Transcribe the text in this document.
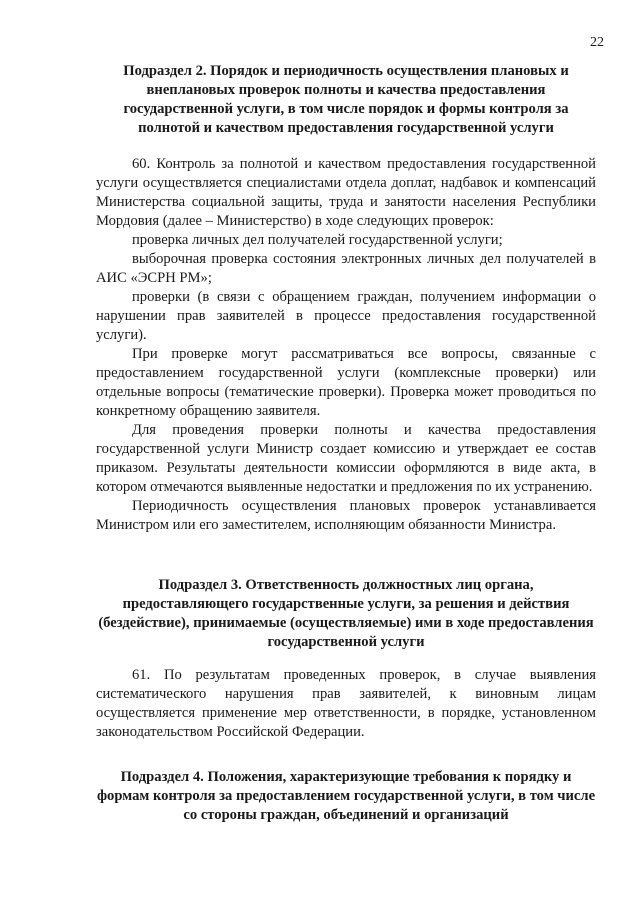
22
Подраздел 2. Порядок и периодичность осуществления плановых и внеплановых проверок полноты и качества предоставления государственной услуги, в том числе порядок и формы контроля за полнотой и качеством предоставления государственной услуги

60. Контроль за полнотой и качеством предоставления государственной услуги осуществляется специалистами отдела доплат, надбавок и компенсаций Министерства социальной защиты, труда и занятости населения Республики Мордовия (далее – Министерство) в ходе следующих проверок:

проверка личных дел получателей государственной услуги;

выборочная проверка состояния электронных личных дел получателей в АИС «ЭСРН РМ»;

проверки (в связи с обращением граждан, получением информации о нарушении прав заявителей в процессе предоставления государственной услуги).

При проверке могут рассматриваться все вопросы, связанные с предоставлением государственной услуги (комплексные проверки) или отдельные вопросы (тематические проверки). Проверка может проводиться по конкретному обращению заявителя.

Для проведения проверки полноты и качества предоставления государственной услуги Министр создает комиссию и утверждает ее состав приказом. Результаты деятельности комиссии оформляются в виде акта, в котором отмечаются выявленные недостатки и предложения по их устранению.

Периодичность осуществления плановых проверок устанавливается Министром или его заместителем, исполняющим обязанности Министра.

Подраздел 3. Ответственность должностных лиц органа, предоставляющего государственные услуги, за решения и действия (бездействие), принимаемые (осуществляемые) ими в ходе предоставления государственной услуги

61. По результатам проведенных проверок, в случае выявления систематического нарушения прав заявителей, к виновным лицам осуществляется применение мер ответственности, в порядке, установленном законодательством Российской Федерации.

Подраздел 4. Положения, характеризующие требования к порядку и формам контроля за предоставлением государственной услуги, в том числе со стороны граждан, объединений и организаций
